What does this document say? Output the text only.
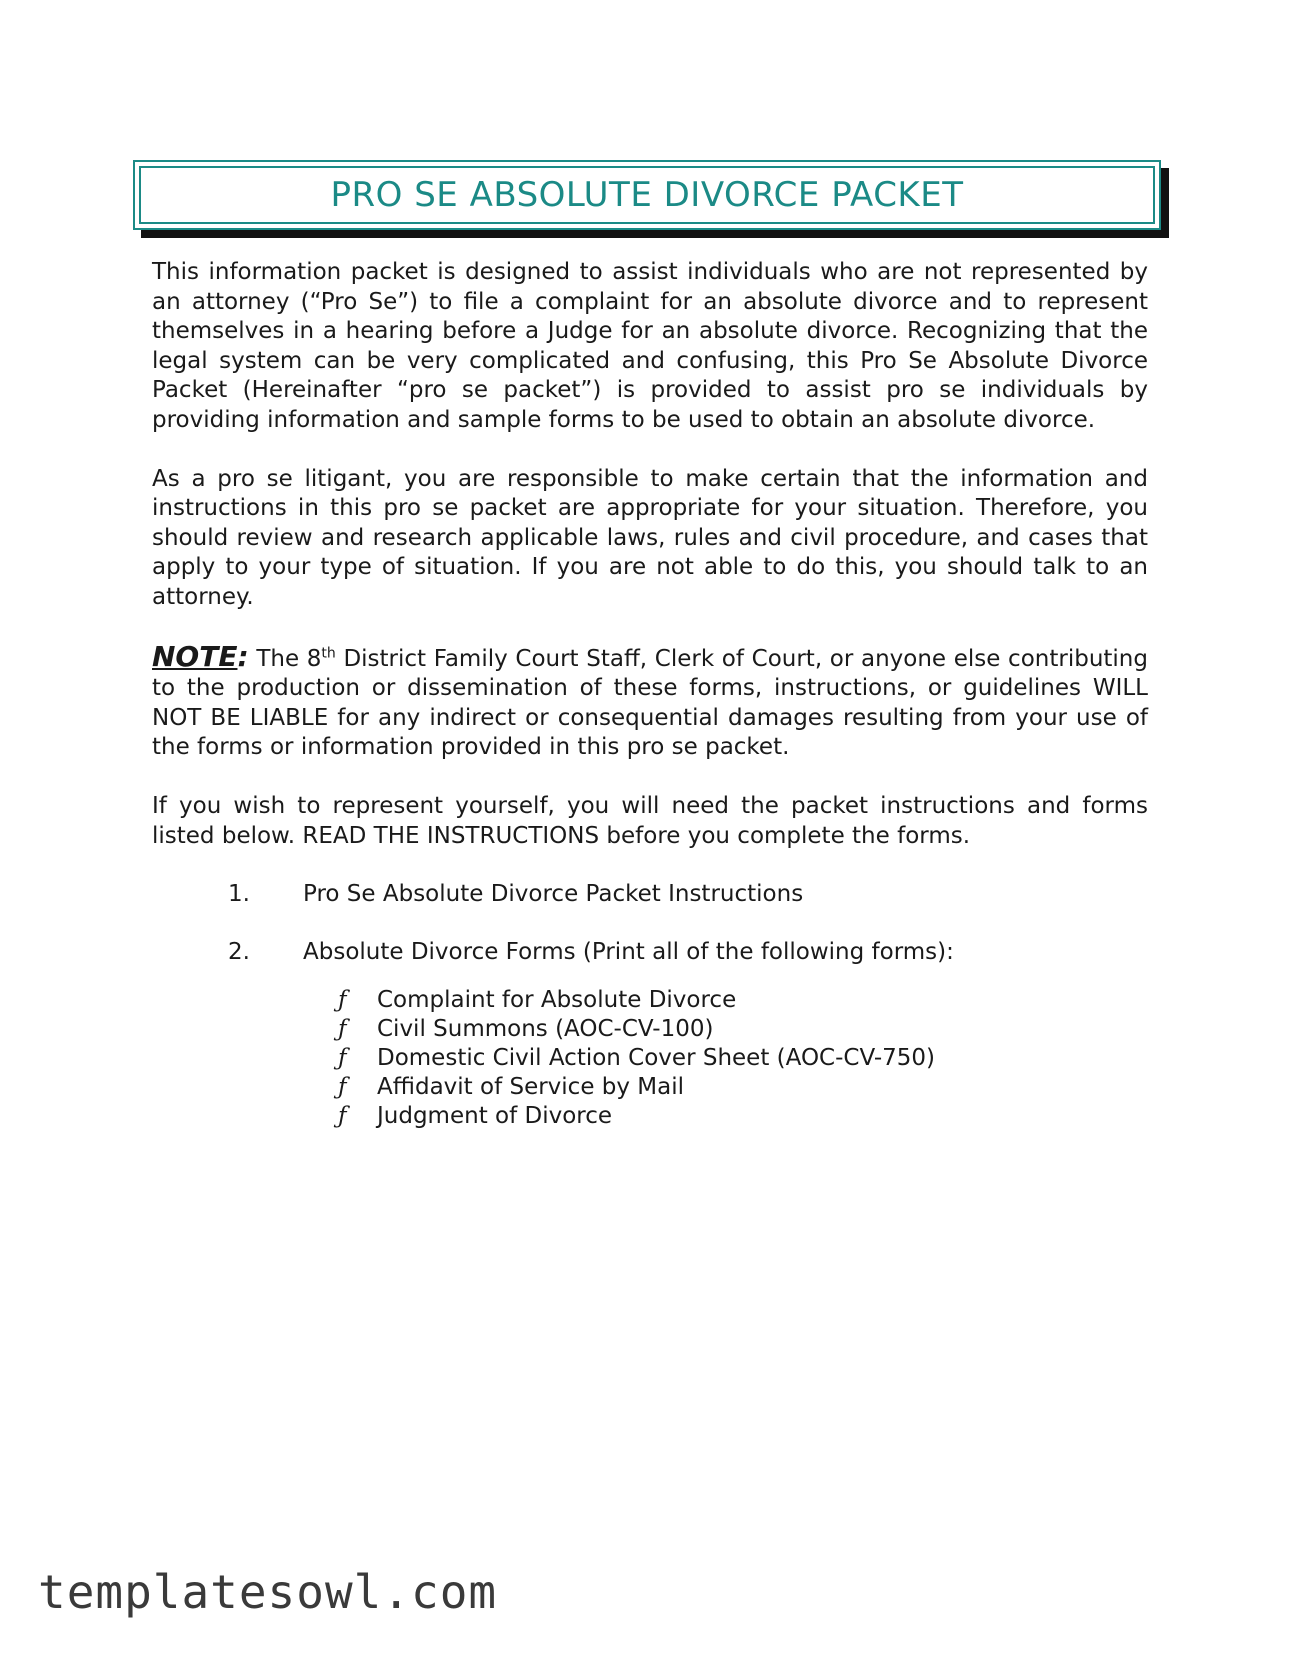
PRO SE ABSOLUTE DIVORCE PACKET

This information packet is designed to assist individuals who are not represented by an attorney (“Pro Se”) to file a complaint for an absolute divorce and to represent themselves in a hearing before a Judge for an absolute divorce. Recognizing that the legal system can be very complicated and confusing, this Pro Se Absolute Divorce Packet (Hereinafter “pro se packet”) is provided to assist pro se individuals by providing information and sample forms to be used to obtain an absolute divorce.

As a pro se litigant, you are responsible to make certain that the information and instructions in this pro se packet are appropriate for your situation. Therefore, you should review and research applicable laws, rules and civil procedure, and cases that apply to your type of situation. If you are not able to do this, you should talk to an attorney.

NOTE: The 8th District Family Court Staff, Clerk of Court, or anyone else contributing to the production or dissemination of these forms, instructions, or guidelines WILL NOT BE LIABLE for any indirect or consequential damages resulting from your use of the forms or information provided in this pro se packet.

If you wish to represent yourself, you will need the packet instructions and forms listed below. READ THE INSTRUCTIONS before you complete the forms.

1. Pro Se Absolute Divorce Packet Instructions
2. Absolute Divorce Forms (Print all of the following forms):
ƒ Complaint for Absolute Divorce
ƒ Civil Summons (AOC-CV-100)
ƒ Domestic Civil Action Cover Sheet (AOC-CV-750)
ƒ Affidavit of Service by Mail
ƒ Judgment of Divorce
templatesowl.com
